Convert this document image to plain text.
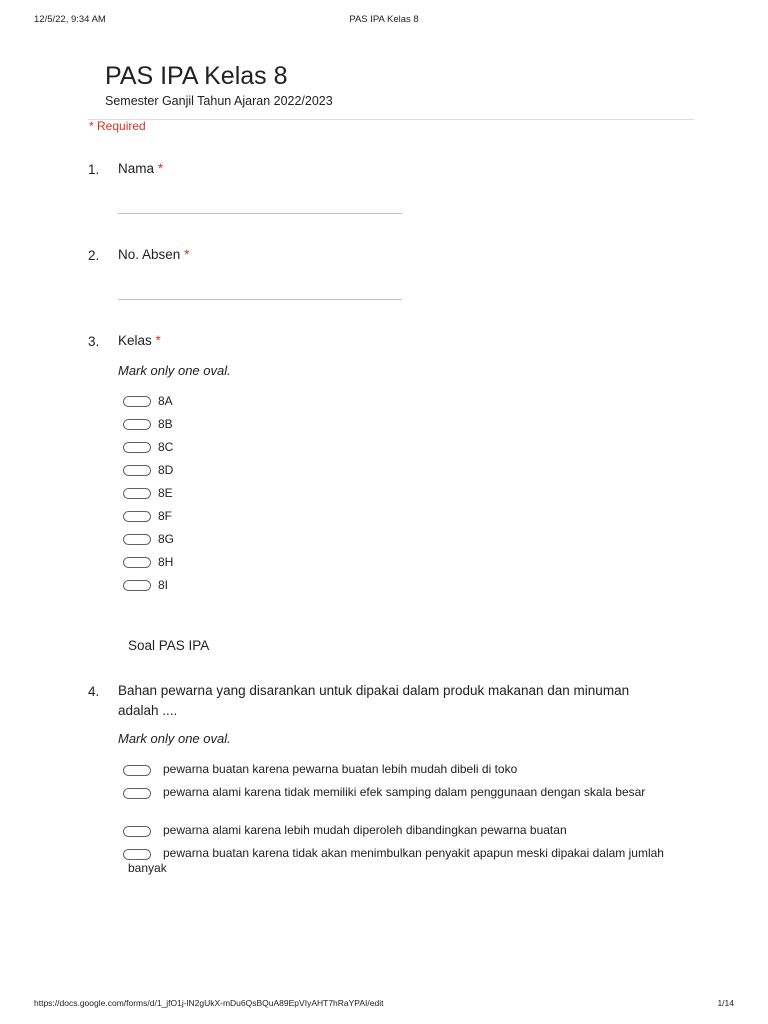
12/5/22, 9:34 AM	PAS IPA Kelas 8
PAS IPA Kelas 8
Semester Ganjil Tahun Ajaran 2022/2023
* Required
1. Nama *
2. No. Absen *
3. Kelas *
Mark only one oval.
8A
8B
8C
8D
8E
8F
8G
8H
8I
Soal PAS IPA
4. Bahan pewarna yang disarankan untuk dipakai dalam produk makanan dan minuman adalah ....
Mark only one oval.
pewarna buatan karena pewarna buatan lebih mudah dibeli di toko
pewarna alami karena tidak memiliki efek samping dalam penggunaan dengan skala besar
pewarna alami karena lebih mudah diperoleh dibandingkan pewarna buatan
pewarna buatan karena tidak akan menimbulkan penyakit apapun meski dipakai dalam jumlah banyak
https://docs.google.com/forms/d/1_jfO1j-lN2gUkX-mDu6QsBQuA89EpVIyAHT7hRaYPAI/edit	1/14
